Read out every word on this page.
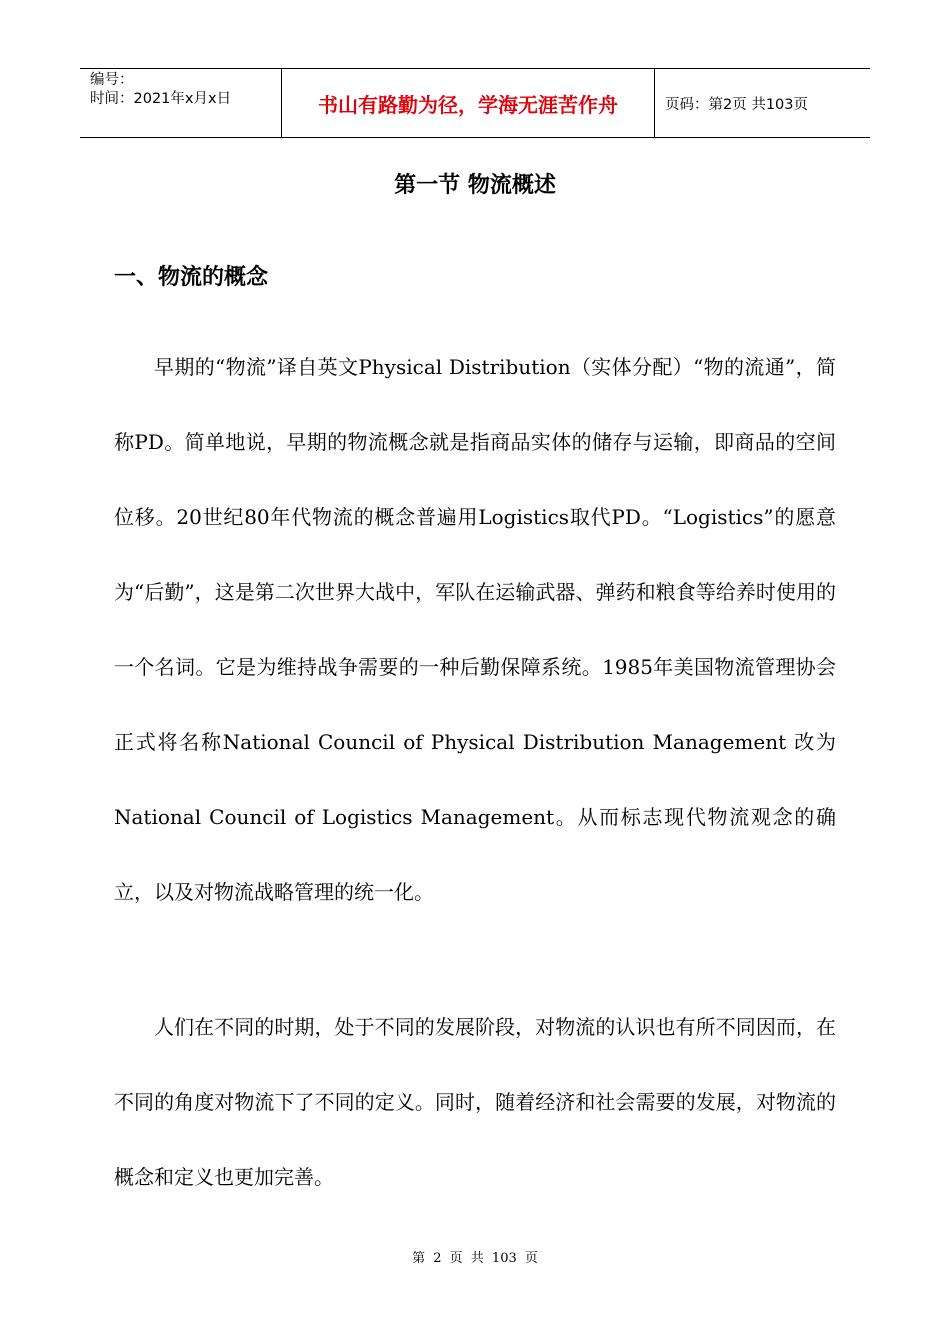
编号：
时间：2021年x月x日	书山有路勤为径，学海无涯苦作舟	页码：第2页 共103页
第一节 物流概述
一、物流的概念

早期的“物流”译自英文Physical Distribution（实体分配）“物的流通”，简称PD。简单地说，早期的物流概念就是指商品实体的储存与运输，即商品的空间位移。20世纪80年代物流的概念普遍用Logistics取代PD。“Logistics”的愿意为“后勤”，这是第二次世界大战中，军队在运输武器、弹药和粮食等给养时使用的一个名词。它是为维持战争需要的一种后勤保障系统。1985年美国物流管理协会正式将名称National Council of Physical Distribution Management 改为 National Council of Logistics Management。从而标志现代物流观念的确立，以及对物流战略管理的统一化。

人们在不同的时期，处于不同的发展阶段，对物流的认识也有所不同因而，在不同的角度对物流下了不同的定义。同时，随着经济和社会需要的发展，对物流的概念和定义也更加完善。

第 2 页 共 103 页
